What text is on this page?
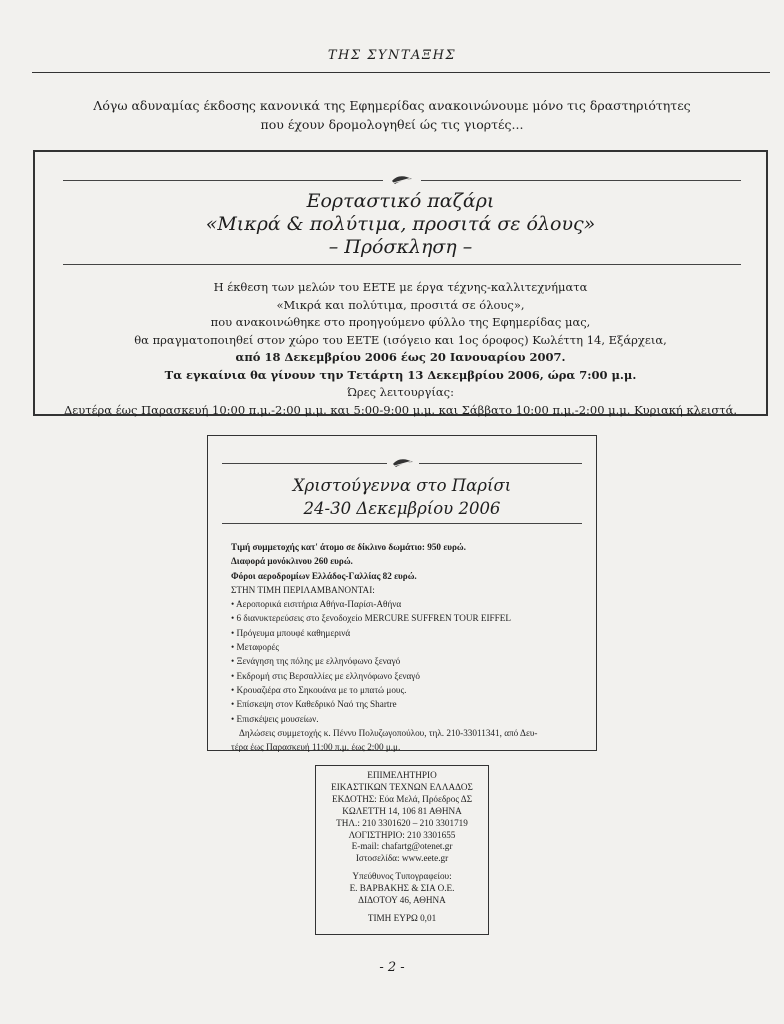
ΤΗΣ ΣΥΝΤΑΞΗΣ
Λόγω αδυναμίας έκδοσης κανονικά της Εφημερίδας ανακοινώνουμε μόνο τις δραστηριότητες
που έχουν δρομολογηθεί ώς τις γιορτές...
Εορταστικό παζάρι
«Μικρά & πολύτιμα, προσιτά σε όλους»
– Πρόσκληση –
Η έκθεση των μελών του ΕΕΤΕ με έργα τέχνης-καλλιτεχνήματα
«Μικρά και πολύτιμα, προσιτά σε όλους»,
που ανακοινώθηκε στο προηγούμενο φύλλο της Εφημερίδας μας,
θα πραγματοποιηθεί στον χώρο του ΕΕΤΕ (ισόγειο και 1ος όροφος) Κωλέττη 14, Εξάρχεια,
από 18 Δεκεμβρίου 2006 έως 20 Ιανουαρίου 2007.
Τα εγκαίνια θα γίνουν την Τετάρτη 13 Δεκεμβρίου 2006, ώρα 7:00 μ.μ.
Ώρες λειτουργίας:
Δευτέρα έως Παρασκευή 10:00 π.μ.-2:00 μ.μ. και 5:00-9:00 μ.μ. και Σάββατο 10:00 π.μ.-2:00 μ.μ. Κυριακή κλειστά.
Χριστούγεννα στο Παρίσι
24-30 Δεκεμβρίου 2006
Τιμή συμμετοχής κατ' άτομο σε δίκλινο δωμάτιο: 950 ευρώ.
Διαφορά μονόκλινου 260 ευρώ.
Φόροι αεροδρομίων Ελλάδος-Γαλλίας 82 ευρώ.
ΣΤΗΝ ΤΙΜΗ ΠΕΡΙΛΑΜΒΑΝΟΝΤΑΙ:
• Αεροπορικά εισιτήρια Αθήνα-Παρίσι-Αθήνα
• 6 διανυκτερεύσεις στο ξενοδοχείο MERCURE SUFFREN TOUR EIFFEL
• Πρόγευμα μπουφέ καθημερινά
• Μεταφορές
• Ξενάγηση της πόλης με ελληνόφωνο ξεναγό
• Εκδρομή στις Βερσαλλίες με ελληνόφωνο ξεναγό
• Κρουαζιέρα στο Σηκουάνα με το μπατώ μους.
• Επίσκεψη στον Καθεδρικό Ναό της Shartre
• Επισκέψεις μουσείων.
Δηλώσεις συμμετοχής κ. Πέννυ Πολυζωγοπούλου, τηλ. 210-33011341, από Δευ-
τέρα έως Παρασκευή 11:00 π.μ. έως 2:00 μ.μ.
ΕΠΙΜΕΛΗΤΗΡΙΟ
ΕΙΚΑΣΤΙΚΩΝ ΤΕΧΝΩΝ ΕΛΛΑΔΟΣ
ΕΚΔΟΤΗΣ: Εύα Μελά, Πρόεδρος ΔΣ
ΚΩΛΕΤΤΗ 14, 106 81 ΑΘΗΝΑ
ΤΗΛ.: 210 3301620 – 210 3301719
ΛΟΓΙΣΤΗΡΙΟ: 210 3301655
E-mail: chafartg@otenet.gr
Ιστοσελίδα: www.eete.gr
Υπεύθυνος Τυπογραφείου:
Ε. ΒΑΡΒΑΚΗΣ & ΣΙΑ Ο.Ε.
ΔΙΔΟΤΟΥ 46, ΑΘΗΝΑ
ΤΙΜΗ ΕΥΡΩ 0,01
- 2 -
